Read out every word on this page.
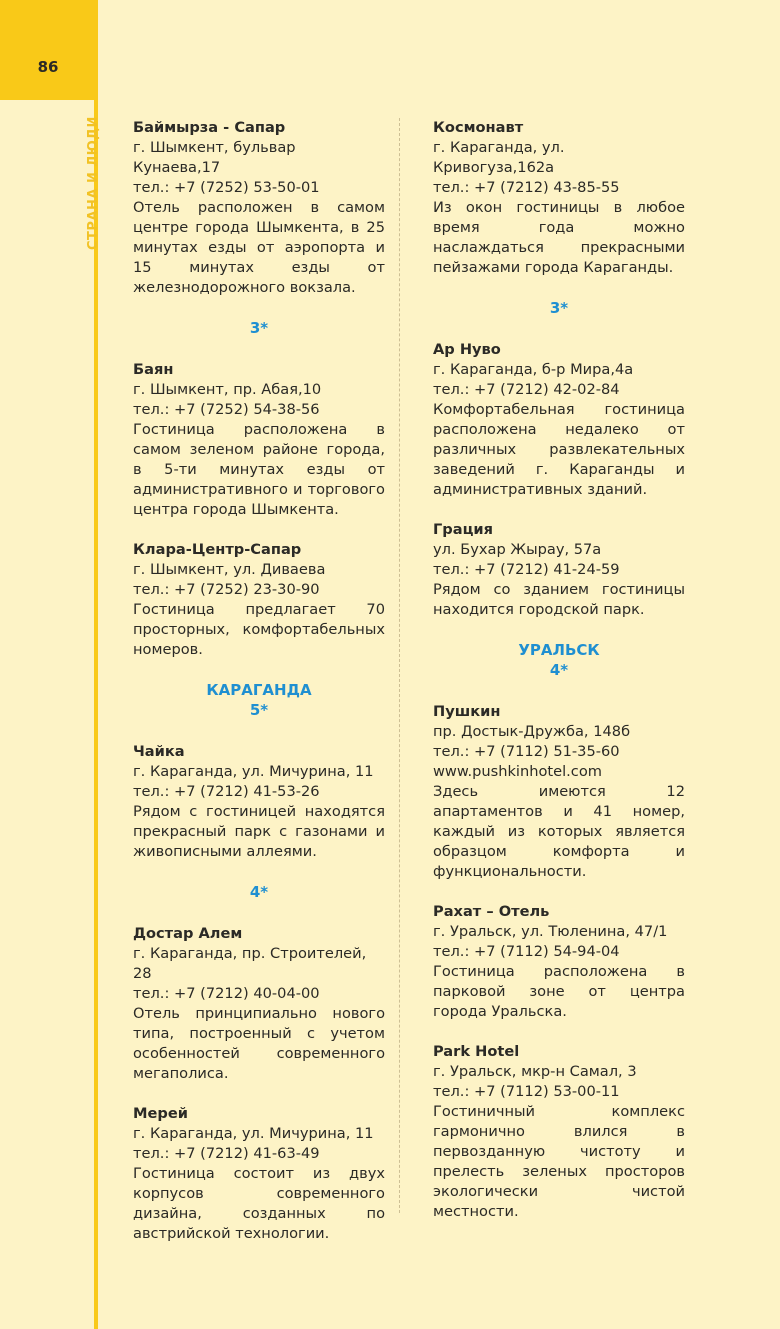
86
СТРАНА И ЛЮДИ Баймырза - Сапар
г. Шымкент, бульвар Кунаева,17
тел.: +7 (7252) 53-50-01
Отель расположен в самом центре города Шымкента, в 25 минутах езды от аэропорта и 15 минутах езды от железнодорожного вокзала.
3*
Баян
г. Шымкент, пр. Абая,10
тел.: +7 (7252) 54-38-56
Гостиница расположена в самом зеленом районе города, в 5-ти минутах езды от административного и торгового центра города Шымкента.
Клара-Центр-Сапар
г. Шымкент, ул. Диваева
тел.: +7 (7252) 23-30-90
Гостиница предлагает 70 просторных, комфортабельных номеров.
КАРАГАНДА
5*
Чайка
г. Караганда, ул. Мичурина, 11
тел.: +7 (7212) 41-53-26
Рядом с гостиницей находятся прекрасный парк с газонами и живописными аллеями.
4*
Достар Алем
г. Караганда, пр. Строителей, 28
тел.: +7 (7212) 40-04-00
Отель принципиально нового типа, построенный с учетом особенностей современного мегаполиса.
Мерей
г. Караганда, ул. Мичурина, 11
тел.: +7 (7212) 41-63-49
Гостиница состоит из двух корпусов современного дизайна, созданных по австрийской технологии.
Космонавт
г. Караганда, ул. Кривогуза,162а
тел.: +7 (7212) 43-85-55
Из окон гостиницы в любое время года можно наслаждаться прекрасными пейзажами города Караганды.
3*
Ар Нуво
г. Караганда, б-р Мира,4а
тел.: +7 (7212) 42-02-84
Комфортабельная гостиница расположена недалеко от различных развлекательных заведений г. Караганды и административных зданий.
Грация
ул. Бухар Жырау, 57а
тел.: +7 (7212) 41-24-59
Рядом со зданием гостиницы находится городской парк.
УРАЛЬСК
4*
Пушкин
пр. Достык-Дружба, 148б
тел.: +7 (7112) 51-35-60
www.pushkinhotel.com
Здесь имеются 12 апартаментов и 41 номер, каждый из которых является образцом комфорта и функциональности.
Рахат – Отель
г. Уральск, ул. Тюленина, 47/1
тел.: +7 (7112) 54-94-04
Гостиница расположена в парковой зоне от центра города Уральска.
Park Hotel
г. Уральск, мкр-н Самал, 3
тел.: +7 (7112) 53-00-11
Гостиничный комплекс гармонично влился в первозданную чистоту и прелесть зеленых просторов экологически чистой местности.
